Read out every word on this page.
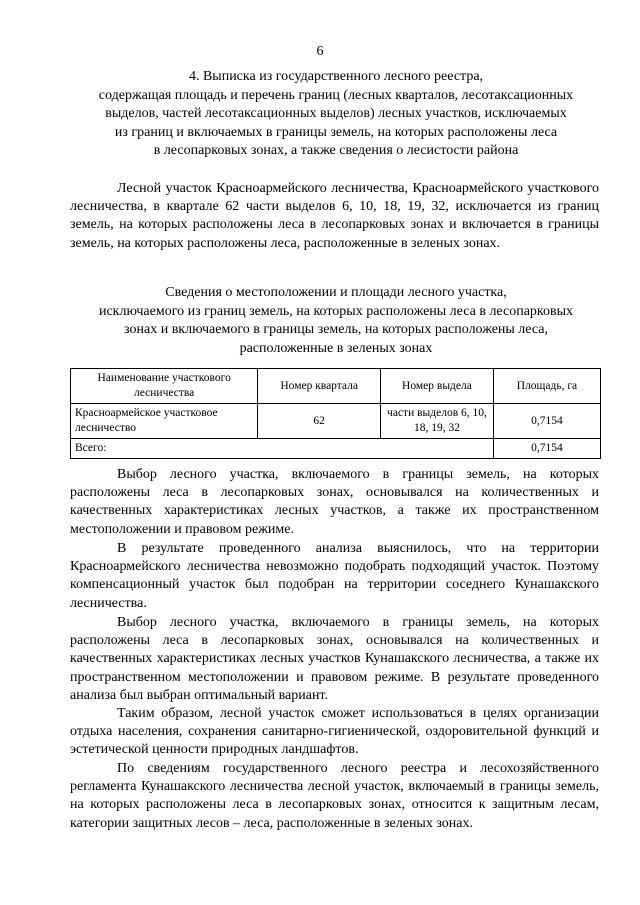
6
4. Выписка из государственного лесного реестра,
содержащая площадь и перечень границ (лесных кварталов, лесотаксационных
выделов, частей лесотаксационных выделов) лесных участков, исключаемых
из границ и включаемых в границы земель, на которых расположены леса
в лесопарковых зонах, а также сведения о лесистости района

Лесной участок Красноармейского лесничества, Красноармейского участкового лесничества, в квартале 62 части выделов 6, 10, 18, 19, 32, исключается из границ земель, на которых расположены леса в лесопарковых зонах и включается в границы земель, на которых расположены леса, расположенные в зеленых зонах.

Сведения о местоположении и площади лесного участка,
исключаемого из границ земель, на которых расположены леса в лесопарковых
зонах и включаемого в границы земель, на которых расположены леса,
расположенные в зеленых зонах
Наименование участкового лесничества	Номер квартала	Номер выдела	Площадь, га
Красноармейское участковое лесничество	62	части выделов 6, 10, 18, 19, 32	0,7154
Всего:			0,7154

Выбор лесного участка, включаемого в границы земель, на которых расположены леса в лесопарковых зонах, основывался на количественных и качественных характеристиках лесных участков, а также их пространственном местоположении и правовом режиме.

В результате проведенного анализа выяснилось, что на территории Красноармейского лесничества невозможно подобрать подходящий участок. Поэтому компенсационный участок был подобран на территории соседнего Кунашакского лесничества.

Выбор лесного участка, включаемого в границы земель, на которых расположены леса в лесопарковых зонах, основывался на количественных и качественных характеристиках лесных участков Кунашакского лесничества, а также их пространственном местоположении и правовом режиме. В результате проведенного анализа был выбран оптимальный вариант.

Таким образом, лесной участок сможет использоваться в целях организации отдыха населения, сохранения санитарно-гигиенической, оздоровительной функций и эстетической ценности природных ландшафтов.

По сведениям государственного лесного реестра и лесохозяйственного регламента Кунашакского лесничества лесной участок, включаемый в границы земель, на которых расположены леса в лесопарковых зонах, относится к защитным лесам, категории защитных лесов – леса, расположенные в зеленых зонах.
